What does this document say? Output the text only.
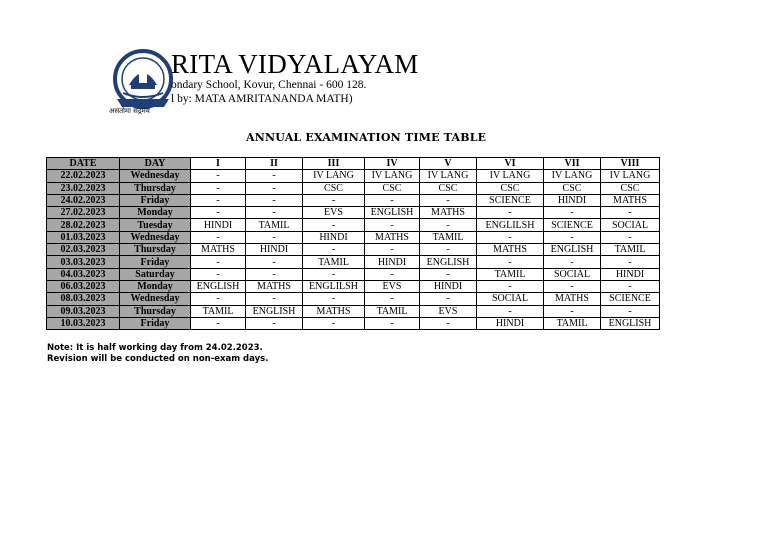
असतोमा सद्गमय
RITA VIDYALAYAM
ondary School, Kovur, Chennai - 600 128.
l by: MATA AMRITANANDA MATH)
ANNUAL EXAMINATION TIME TABLE
DATE	DAY	I	II	III	IV	V	VI	VII	VIII
22.02.2023	Wednesday	-	-	IV LANG	IV LANG	IV LANG	IV LANG	IV LANG	IV LANG
23.02.2023	Thursday	-	-	CSC	CSC	CSC	CSC	CSC	CSC
24.02.2023	Friday	-	-	-	-	-	SCIENCE	HINDI	MATHS
27.02.2023	Monday	-	-	EVS	ENGLISH	MATHS	-	-	-
28.02.2023	Tuesday	HINDI	TAMIL	-	-	-	ENGLILSH	SCIENCE	SOCIAL
01.03.2023	Wednesday	-	-	HINDI	MATHS	TAMIL	-	-	-
02.03.2023	Thursday	MATHS	HINDI	-	-	-	MATHS	ENGLISH	TAMIL
03.03.2023	Friday	-	-	TAMIL	HINDI	ENGLISH	-	-	-
04.03.2023	Saturday	-	-	-	-	-	TAMIL	SOCIAL	HINDI
06.03.2023	Monday	ENGLISH	MATHS	ENGLILSH	EVS	HINDI	-	-	-
08.03.2023	Wednesday	-	-	-	-	-	SOCIAL	MATHS	SCIENCE
09.03.2023	Thursday	TAMIL	ENGLISH	MATHS	TAMIL	EVS	-	-	-
10.03.2023	Friday	-	-	-	-	-	HINDI	TAMIL	ENGLISH
Note: It is half working day from 24.02.2023.
Revision will be conducted on non-exam days.
